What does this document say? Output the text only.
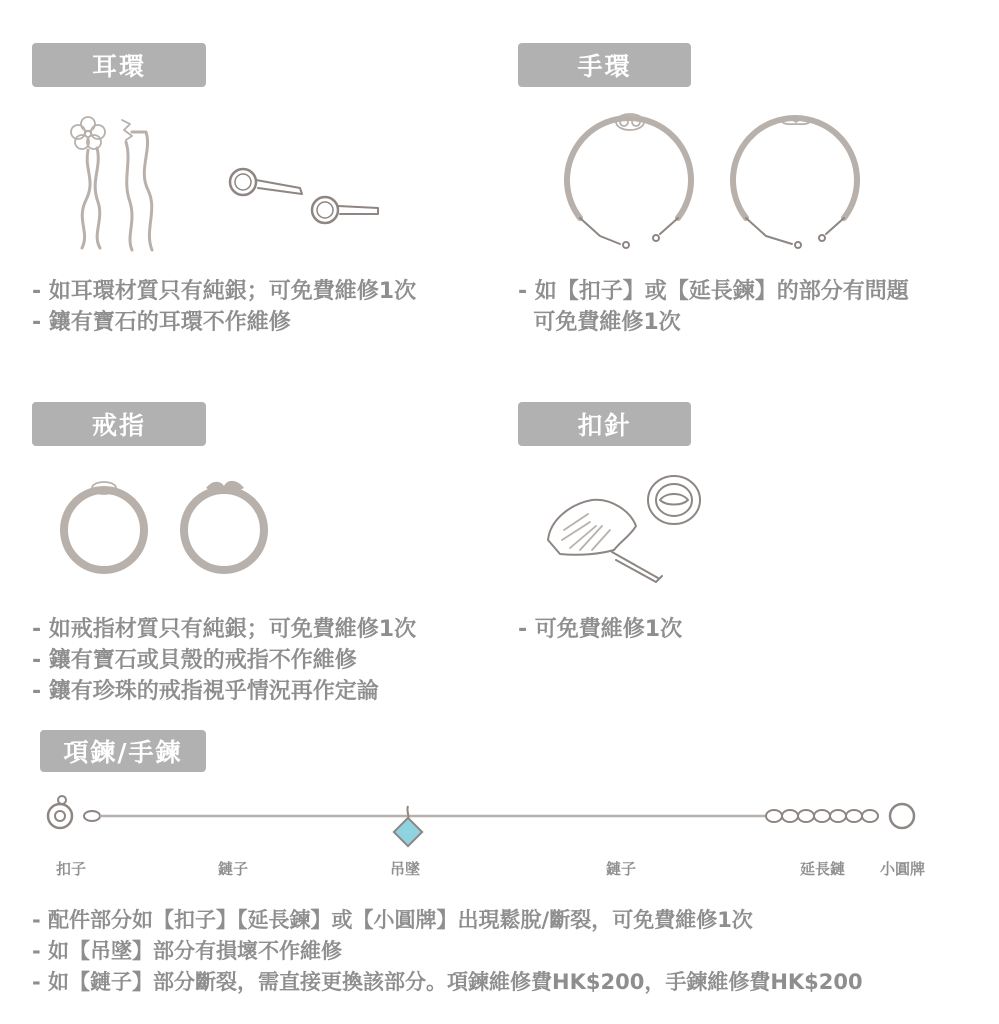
耳環
- 如耳環材質只有純銀；可免費維修1次
- 鑲有寶石的耳環不作維修
手環
- 如【扣子】或【延長鍊】的部分有問題
可免費維修1次
戒指
- 如戒指材質只有純銀；可免費維修1次
- 鑲有寶石或貝殼的戒指不作維修
- 鑲有珍珠的戒指視乎情況再作定論
扣針
- 可免費維修1次
項鍊/手鍊
扣子	鏈子	吊墜	鏈子	延長鏈 小圓牌
- 配件部分如【扣子】【延長鍊】或【小圓牌】出現鬆脫/斷裂，可免費維修1次
- 如【吊墜】部分有損壞不作維修
- 如【鏈子】部分斷裂，需直接更換該部分。項鍊維修費HK$200，手鍊維修費HK$200
